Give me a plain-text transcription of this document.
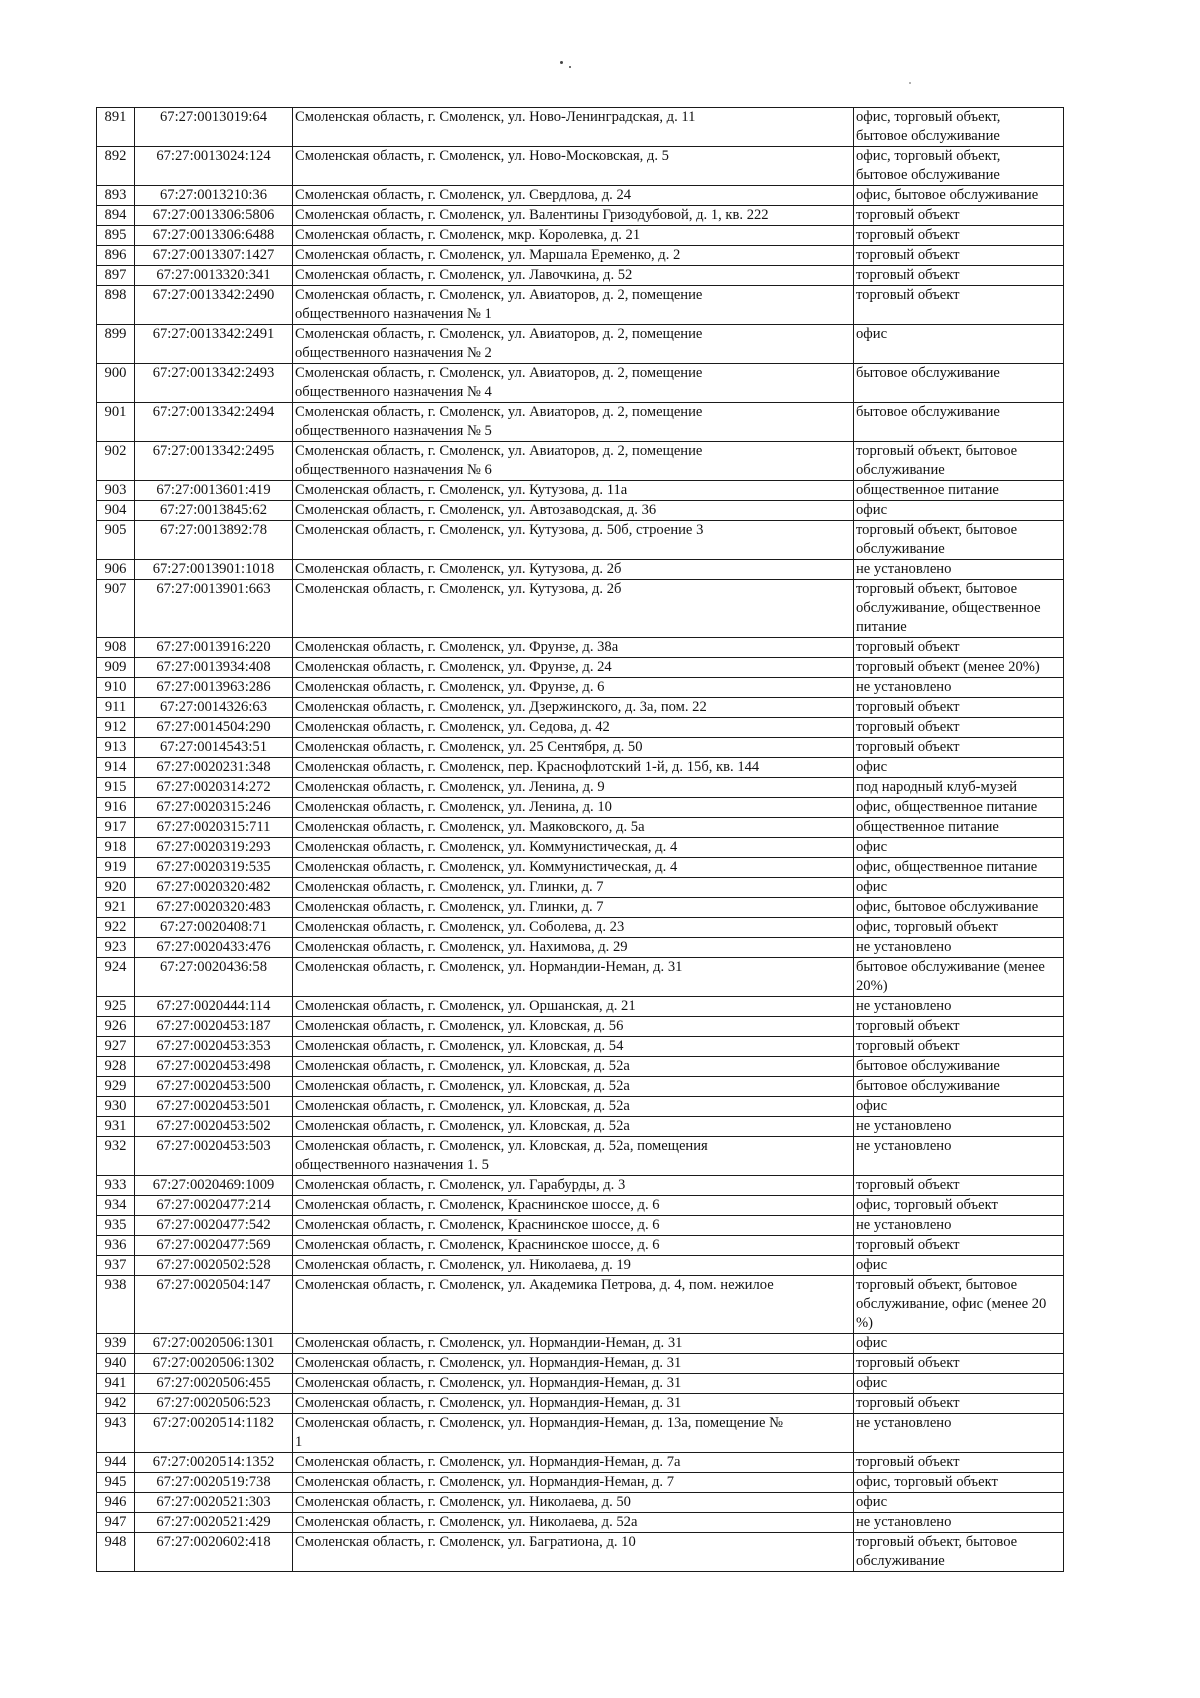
891	67:27:0013019:64	Смоленская область, г. Смоленск, ул. Ново-Ленинградская, д. 11	офис, торговый объект,
бытовое обслуживание
892	67:27:0013024:124	Смоленская область, г. Смоленск, ул. Ново-Московская, д. 5	офис, торговый объект,
бытовое обслуживание
893	67:27:0013210:36	Смоленская область, г. Смоленск, ул. Свердлова, д. 24	офис, бытовое обслуживание
894	67:27:0013306:5806	Смоленская область, г. Смоленск, ул. Валентины Гризодубовой, д. 1, кв. 222	торговый объект
895	67:27:0013306:6488	Смоленская область, г. Смоленск, мкр. Королевка, д. 21	торговый объект
896	67:27:0013307:1427	Смоленская область, г. Смоленск, ул. Маршала Еременко, д. 2	торговый объект
897	67:27:0013320:341	Смоленская область, г. Смоленск, ул. Лавочкина, д. 52	торговый объект
898	67:27:0013342:2490	Смоленская область, г. Смоленск, ул. Авиаторов, д. 2, помещение
общественного назначения № 1	торговый объект
899	67:27:0013342:2491	Смоленская область, г. Смоленск, ул. Авиаторов, д. 2, помещение
общественного назначения № 2	офис
900	67:27:0013342:2493	Смоленская область, г. Смоленск, ул. Авиаторов, д. 2, помещение
общественного назначения № 4	бытовое обслуживание
901	67:27:0013342:2494	Смоленская область, г. Смоленск, ул. Авиаторов, д. 2, помещение
общественного назначения № 5	бытовое обслуживание
902	67:27:0013342:2495	Смоленская область, г. Смоленск, ул. Авиаторов, д. 2, помещение
общественного назначения № 6	торговый объект, бытовое
обслуживание
903	67:27:0013601:419	Смоленская область, г. Смоленск, ул. Кутузова, д. 11а	общественное питание
904	67:27:0013845:62	Смоленская область, г. Смоленск, ул. Автозаводская, д. 36	офис
905	67:27:0013892:78	Смоленская область, г. Смоленск, ул. Кутузова, д. 50б, строение 3	торговый объект, бытовое
обслуживание
906	67:27:0013901:1018	Смоленская область, г. Смоленск, ул. Кутузова, д. 2б	не установлено
907	67:27:0013901:663	Смоленская область, г. Смоленск, ул. Кутузова, д. 2б	торговый объект, бытовое
обслуживание, общественное
питание
908	67:27:0013916:220	Смоленская область, г. Смоленск, ул. Фрунзе, д. 38а	торговый объект
909	67:27:0013934:408	Смоленская область, г. Смоленск, ул. Фрунзе, д. 24	торговый объект (менее 20%)
910	67:27:0013963:286	Смоленская область, г. Смоленск, ул. Фрунзе, д. 6	не установлено
911	67:27:0014326:63	Смоленская область, г. Смоленск, ул. Дзержинского, д. 3а, пом. 22	торговый объект
912	67:27:0014504:290	Смоленская область, г. Смоленск, ул. Седова, д. 42	торговый объект
913	67:27:0014543:51	Смоленская область, г. Смоленск, ул. 25 Сентября, д. 50	торговый объект
914	67:27:0020231:348	Смоленская область, г. Смоленск, пер. Краснофлотский 1-й, д. 15б, кв. 144	офис
915	67:27:0020314:272	Смоленская область, г. Смоленск, ул. Ленина, д. 9	под народный клуб-музей
916	67:27:0020315:246	Смоленская область, г. Смоленск, ул. Ленина, д. 10	офис, общественное питание
917	67:27:0020315:711	Смоленская область, г. Смоленск, ул. Маяковского, д. 5а	общественное питание
918	67:27:0020319:293	Смоленская область, г. Смоленск, ул. Коммунистическая, д. 4	офис
919	67:27:0020319:535	Смоленская область, г. Смоленск, ул. Коммунистическая, д. 4	офис, общественное питание
920	67:27:0020320:482	Смоленская область, г. Смоленск, ул. Глинки, д. 7	офис
921	67:27:0020320:483	Смоленская область, г. Смоленск, ул. Глинки, д. 7	офис, бытовое обслуживание
922	67:27:0020408:71	Смоленская область, г. Смоленск, ул. Соболева, д. 23	офис, торговый объект
923	67:27:0020433:476	Смоленская область, г. Смоленск, ул. Нахимова, д. 29	не установлено
924	67:27:0020436:58	Смоленская область, г. Смоленск, ул. Нормандии-Неман, д. 31	бытовое обслуживание (менее
20%)
925	67:27:0020444:114	Смоленская область, г. Смоленск, ул. Оршанская, д. 21	не установлено
926	67:27:0020453:187	Смоленская область, г. Смоленск, ул. Кловская, д. 56	торговый объект
927	67:27:0020453:353	Смоленская область, г. Смоленск, ул. Кловская, д. 54	торговый объект
928	67:27:0020453:498	Смоленская область, г. Смоленск, ул. Кловская, д. 52а	бытовое обслуживание
929	67:27:0020453:500	Смоленская область, г. Смоленск, ул. Кловская, д. 52а	бытовое обслуживание
930	67:27:0020453:501	Смоленская область, г. Смоленск, ул. Кловская, д. 52а	офис
931	67:27:0020453:502	Смоленская область, г. Смоленск, ул. Кловская, д. 52а	не установлено
932	67:27:0020453:503	Смоленская область, г. Смоленск, ул. Кловская, д. 52а, помещения
общественного назначения 1. 5	не установлено
933	67:27:0020469:1009	Смоленская область, г. Смоленск, ул. Гарабурды, д. 3	торговый объект
934	67:27:0020477:214	Смоленская область, г. Смоленск, Краснинское шоссе, д. 6	офис, торговый объект
935	67:27:0020477:542	Смоленская область, г. Смоленск, Краснинское шоссе, д. 6	не установлено
936	67:27:0020477:569	Смоленская область, г. Смоленск, Краснинское шоссе, д. 6	торговый объект
937	67:27:0020502:528	Смоленская область, г. Смоленск, ул. Николаева, д. 19	офис
938	67:27:0020504:147	Смоленская область, г. Смоленск, ул. Академика Петрова, д. 4, пом. нежилое	торговый объект, бытовое
обслуживание, офис (менее 20
%)
939	67:27:0020506:1301	Смоленская область, г. Смоленск, ул. Нормандии-Неман, д. 31	офис
940	67:27:0020506:1302	Смоленская область, г. Смоленск, ул. Нормандия-Неман, д. 31	торговый объект
941	67:27:0020506:455	Смоленская область, г. Смоленск, ул. Нормандия-Неман, д. 31	офис
942	67:27:0020506:523	Смоленская область, г. Смоленск, ул. Нормандия-Неман, д. 31	торговый объект
943	67:27:0020514:1182	Смоленская область, г. Смоленск, ул. Нормандия-Неман, д. 13а, помещение №
1	не установлено
944	67:27:0020514:1352	Смоленская область, г. Смоленск, ул. Нормандия-Неман, д. 7а	торговый объект
945	67:27:0020519:738	Смоленская область, г. Смоленск, ул. Нормандия-Неман, д. 7	офис, торговый объект
946	67:27:0020521:303	Смоленская область, г. Смоленск, ул. Николаева, д. 50	офис
947	67:27:0020521:429	Смоленская область, г. Смоленск, ул. Николаева, д. 52а	не установлено
948	67:27:0020602:418	Смоленская область, г. Смоленск, ул. Багратиона, д. 10	торговый объект, бытовое
обслуживание
